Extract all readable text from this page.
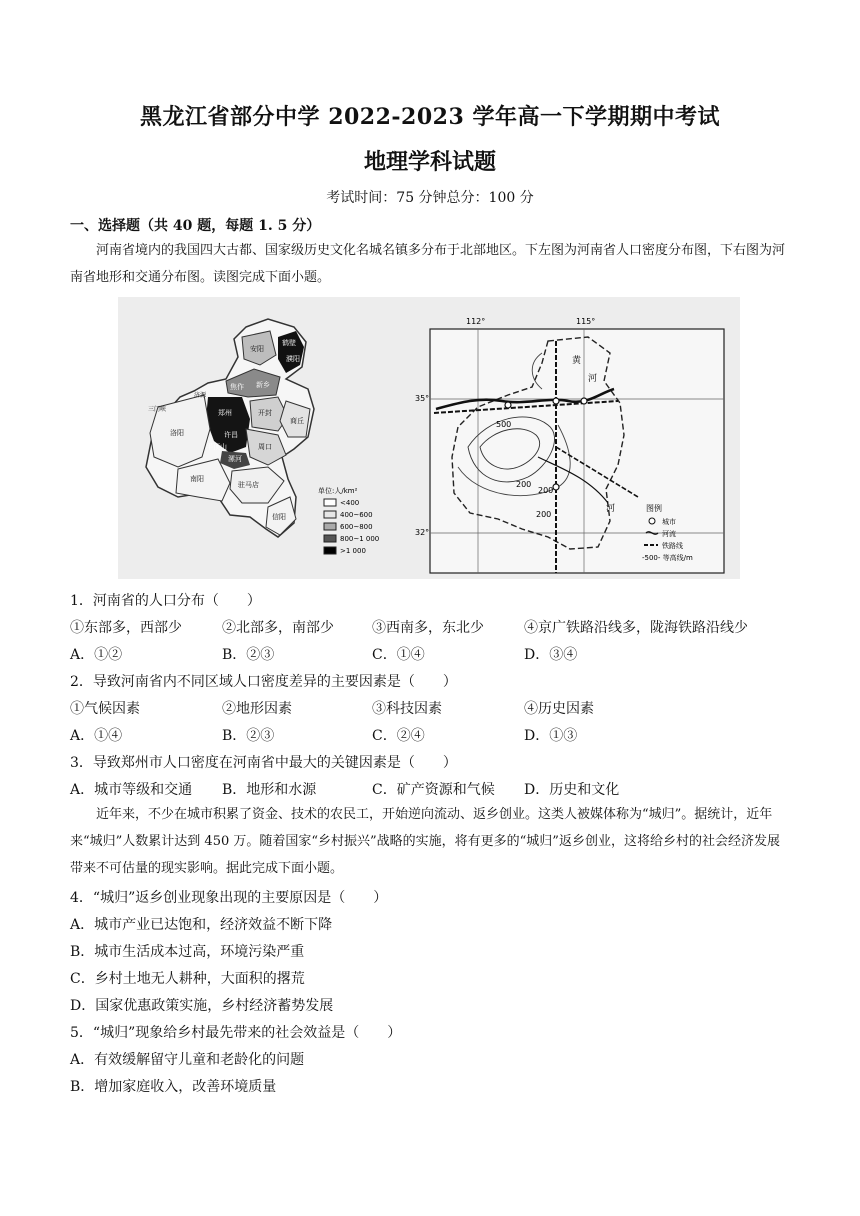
黑龙江省部分中学 2022-2023 学年高一下学期期中考试
地理学科试题
考试时间：75 分钟总分：100 分
一、选择题（共 40 题，每题 1. 5 分）
河南省境内的我国四大古都、国家级历史文化名城名镇多分布于北部地区。下左图为河南省人口密度分布图，下右图为河南省地形和交通分布图。读图完成下面小题。
安阳
鹤壁
濮阳
新乡
焦作
济源
洛阳
郑州	开封
商丘
许昌
平顶山
漯河
周口
三门峡
南阳
驻马店
信阳
单位:人/km²
<400
400~600
600~800
800~1 000
>1 000
112°	115°
35°
32°
500
200
200
200
黄
河
河	图例
城市
河流
铁路线
-500- 等高线/m
1．河南省的人口分布（　　）
①东部多，西部少	②北部多，南部少	③西南多，东北少	④京广铁路沿线多，陇海铁路沿线少
A．①②	B．②③	C．①④	D．③④
2．导致河南省内不同区域人口密度差异的主要因素是（　　）
①气候因素	②地形因素	③科技因素	④历史因素
A．①④	B．②③	C．②④	D．①③
3．导致郑州市人口密度在河南省中最大的关键因素是（　　）
A．城市等级和交通 B．地形和水源	C．矿产资源和气候 D．历史和文化
近年来，不少在城市积累了资金、技术的农民工，开始逆向流动、返乡创业。这类人被媒体称为“城归”。据统计，近年来“城归”人数累计达到 450 万。随着国家“乡村振兴”战略的实施，将有更多的“城归”返乡创业，这将给乡村的社会经济发展带来不可估量的现实影响。据此完成下面小题。
4．“城归”返乡创业现象出现的主要原因是（　　）
A．城市产业已达饱和，经济效益不断下降
B．城市生活成本过高，环境污染严重
C．乡村土地无人耕种，大面积的撂荒
D．国家优惠政策实施，乡村经济蓄势发展
5．“城归”现象给乡村最先带来的社会效益是（　　）
A．有效缓解留守儿童和老龄化的问题
B．增加家庭收入，改善环境质量
